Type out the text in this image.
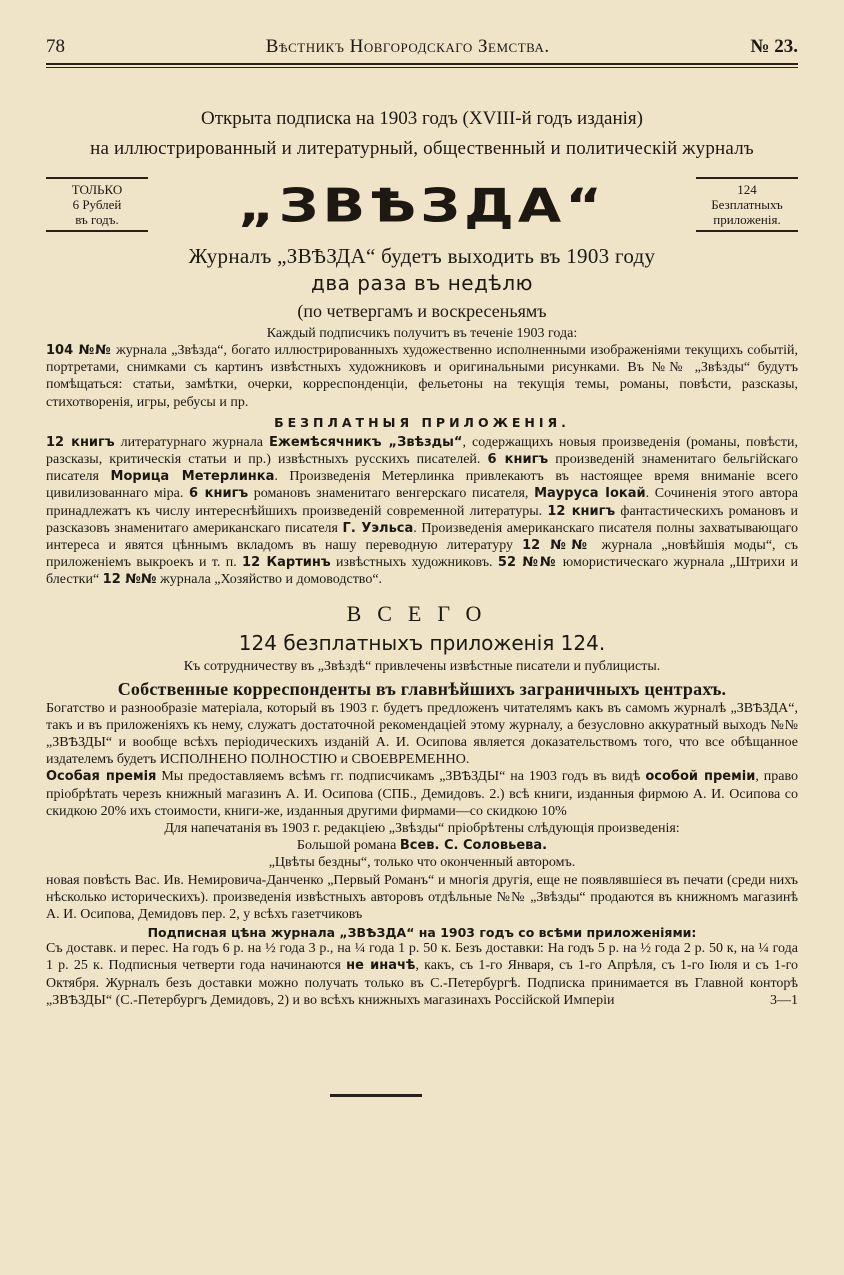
78	Вѣстникъ Новгородскаго Земства.	№ 23.
Открыта подписка на 1903 годъ (XVIII-й годъ изданія)
на иллюстрированный и литературный, общественный и политическій журналъ
ТОЛЬКО
6 Рублей
въ годъ.	„ЗВѢЗДА“	124
Безплатныхъ
приложенія.
Журналъ „ЗВѢЗДА“ будетъ выходить въ 1903 году
два раза въ недѣлю
(по четвергамъ и воскресеньямъ
Каждый подписчикъ получитъ въ теченіе 1903 года:

104 №№ журнала „Звѣзда“, богато иллюстрированныхъ художественно исполненными изображеніями текущихъ событій, портретами, снимками съ картинъ извѣстныхъ художниковъ и оригинальными рисунками. Въ №№ „Звѣзды“ будутъ помѣщаться: статьи, замѣтки, очерки, корреспонденціи, фельетоны на текущія темы, романы, повѣсти, разсказы, стихотворенія, игры, ребусы и пр.

БЕЗПЛАТНЫЯ ПРИЛОЖЕНІЯ.

12 книгъ литературнаго журнала Ежемѣсячникъ „Звѣзды“, содержащихъ новыя произведенія (романы, повѣсти, разсказы, критическія статьи и пр.) извѣстныхъ русскихъ писателей. 6 книгъ произведеній знаменитаго бельгійскаго писателя Морица Метерлинка. Произведенія Метерлинка привлекаютъ въ настоящее время вниманіе всего цивилизованнаго міра. 6 книгъ романовъ знаменитаго венгерскаго писателя, Мауруса Іокай. Сочиненія этого автора принадлежатъ къ числу интереснѣйшихъ произведеній современной литературы. 12 книгъ фантастическихъ романовъ и разсказовъ знаменитаго американскаго писателя Г. Уэльса. Произведенія американскаго писателя полны захватывающаго интереса и явятся цѣннымъ вкладомъ въ нашу переводную литературу 12 №№ журнала „новѣйшія моды“, съ приложеніемъ выкроекъ и т. п. 12 Картинъ извѣстныхъ художниковъ. 52 №№ юмористическаго журнала „Штрихи и блестки“ 12 №№ журнала „Хозяйство и домоводство“.

ВСЕГО
124 безплатныхъ приложенія 124.
Къ сотрудничеству въ „Звѣздѣ“ привлечены извѣстные писатели и публицисты.
Собственные корреспонденты въ главнѣйшихъ заграничныхъ центрахъ.

Богатство и разнообразіе матеріала, который въ 1903 г. будетъ предложенъ читателямъ какъ въ самомъ журналѣ „ЗВѢЗДА“, такъ и въ приложеніяхъ къ нему, служатъ достаточной рекомендаціей этому журналу, а безусловно аккуратный выходъ №№ „ЗВѢЗДЫ“ и вообще всѣхъ періодическихъ изданій А. И. Осипова является доказательствомъ того, что все обѣщанное издателемъ будетъ ИСПОЛНЕНО ПОЛНОСТІЮ и СВОЕВРЕМЕННО.

Особая премія Мы предоставляемъ всѣмъ гг. подписчикамъ „ЗВѢЗДЫ“ на 1903 годъ въ видѣ особой преміи, право пріобрѣтать черезъ книжный магазинъ А. И. Осипова (СПБ., Демидовъ. 2.) всѣ книги, изданныя фирмою А. И. Осипова со скидкою 20% ихъ стоимости, книги-же, изданныя другими фирмами—со скидкою 10%

Для напечатанія въ 1903 г. редакціею „Звѣзды“ пріобрѣтены слѣдующія произведенія:
Большой романа Всев. С. Соловьева.
„Цвѣты бездны“, только что оконченный авторомъ.

новая повѣсть Вас. Ив. Немировича-Данченко „Первый Романъ“ и многія другія, еще не появлявшіеся въ печати (среди нихъ нѣсколько историческихъ). произведенія извѣстныхъ авторовъ отдѣльные №№ „Звѣзды“ продаются въ книжномъ магазинѣ А. И. Осипова, Демидовъ пер. 2, у всѣхъ газетчиковъ

Подписная цѣна журнала „ЗВѢЗДА“ на 1903 годъ со всѣми приложеніями:

Съ доставк. и перес. На годъ 6 р. на ½ года 3 р., на ¼ года 1 р. 50 к. Безъ доставки: На годъ 5 р. на ½ года 2 р. 50 к, на ¼ года 1 р. 25 к. Подписныя четверти года начинаются не иначѣ, какъ, съ 1-го Января, съ 1-го Апрѣля, съ 1-го Іюля и съ 1-го Октября. Журналъ безъ доставки можно получать только въ С.-Петербургѣ. Подписка принимается въ Главной конторѣ „ЗВѢЗДЫ“ (С.-Петербургъ Демидовъ, 2) и во всѣхъ книжныхъ магазинахъ Россійской Имперіи	3—1
